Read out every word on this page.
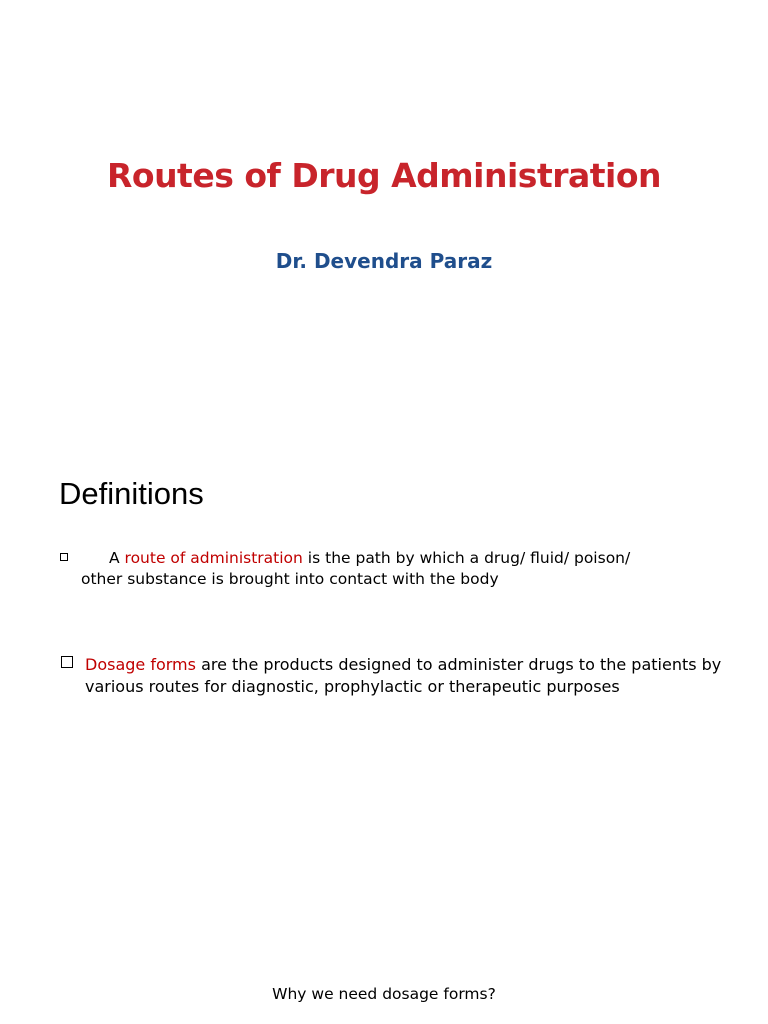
Routes of Drug Administration
Dr. Devendra Paraz
Definitions
A route of administration is the path by which a drug/ fluid/ poison/
other substance is brought into contact with the body
Dosage forms are the products designed to administer drugs to the patients by
various routes for diagnostic, prophylactic or therapeutic purposes
Why we need dosage forms?
